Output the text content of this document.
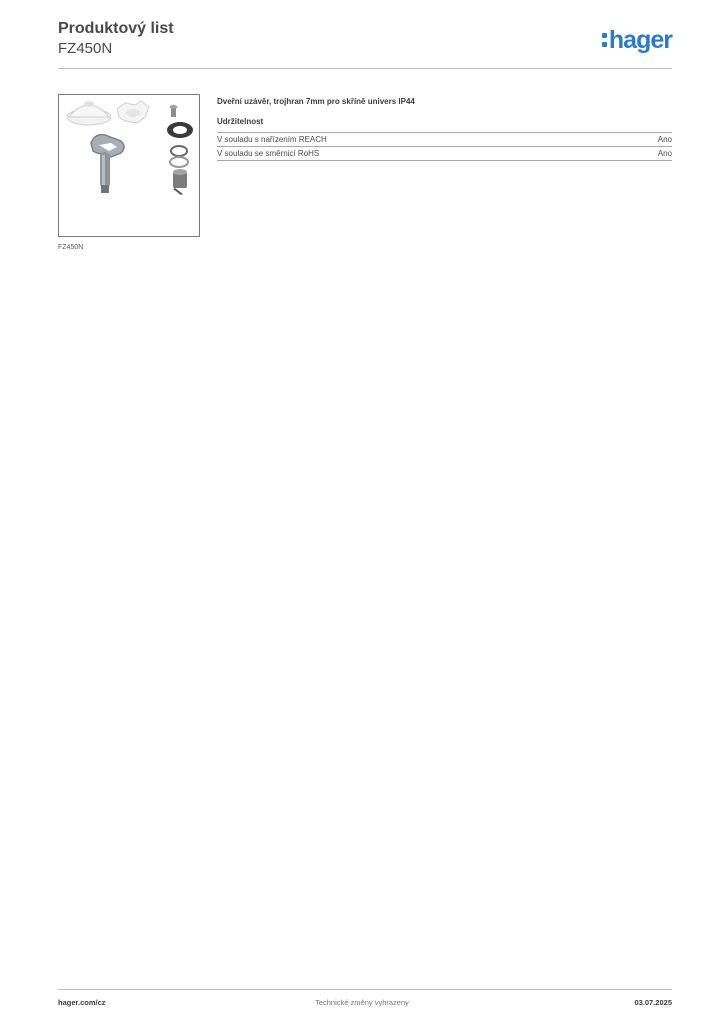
Produktový list
FZ450N	hager
FZ450N
Dveřní uzávěr, trojhran 7mm pro skříně univers IP44
Udržitelnost
V souladu s nařízením REACH	Ano
V souladu se směrnicí RoHS	Ano
hager.com/cz	Technické změny vyhrazeny	03.07.2025
